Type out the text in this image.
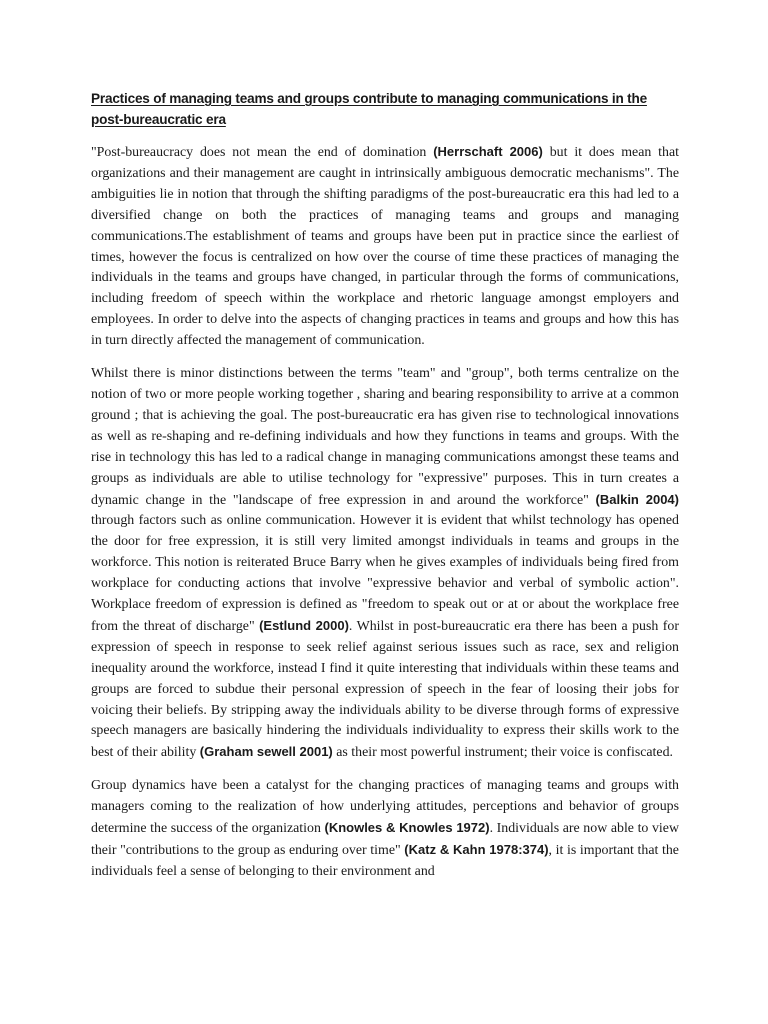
Practices of managing teams and groups contribute to managing communications in the post-bureaucratic era

"Post-bureaucracy does not mean the end of domination (Herrschaft 2006) but it does mean that organizations and their management are caught in intrinsically ambiguous democratic mechanisms". The ambiguities lie in notion that through the shifting paradigms of the post-bureaucratic era this had led to a diversified change on both the practices of managing teams and groups and managing communications.The establishment of teams and groups have been put in practice since the earliest of times, however the focus is centralized on how over the course of time these practices of managing the individuals in the teams and groups have changed, in particular through the forms of communications, including freedom of speech within the workplace and rhetoric language amongst employers and employees. In order to delve into the aspects of changing practices in teams and groups and how this has in turn directly affected the management of communication.

Whilst there is minor distinctions between the terms "team" and "group", both terms centralize on the notion of two or more people working together , sharing and bearing responsibility to arrive at a common ground ; that is achieving the goal. The post-bureaucratic era has given rise to technological innovations as well as re-shaping and re-defining individuals and how they functions in teams and groups. With the rise in technology this has led to a radical change in managing communications amongst these teams and groups as individuals are able to utilise technology for "expressive" purposes. This in turn creates a dynamic change in the "landscape of free expression in and around the workforce" (Balkin 2004) through factors such as online communication. However it is evident that whilst technology has opened the door for free expression, it is still very limited amongst individuals in teams and groups in the workforce. This notion is reiterated Bruce Barry when he gives examples of individuals being fired from workplace for conducting actions that involve "expressive behavior and verbal of symbolic action". Workplace freedom of expression is defined as "freedom to speak out or at or about the workplace free from the threat of discharge" (Estlund 2000). Whilst in post-bureaucratic era there has been a push for expression of speech in response to seek relief against serious issues such as race, sex and religion inequality around the workforce, instead I find it quite interesting that individuals within these teams and groups are forced to subdue their personal expression of speech in the fear of loosing their jobs for voicing their beliefs. By stripping away the individuals ability to be diverse through forms of expressive speech managers are basically hindering the individuals individuality to express their skills work to the best of their ability (Graham sewell 2001) as their most powerful instrument; their voice is confiscated.

Group dynamics have been a catalyst for the changing practices of managing teams and groups with managers coming to the realization of how underlying attitudes, perceptions and behavior of groups determine the success of the organization (Knowles & Knowles 1972). Individuals are now able to view their "contributions to the group as enduring over time" (Katz & Kahn 1978:374), it is important that the individuals feel a sense of belonging to their environment and
